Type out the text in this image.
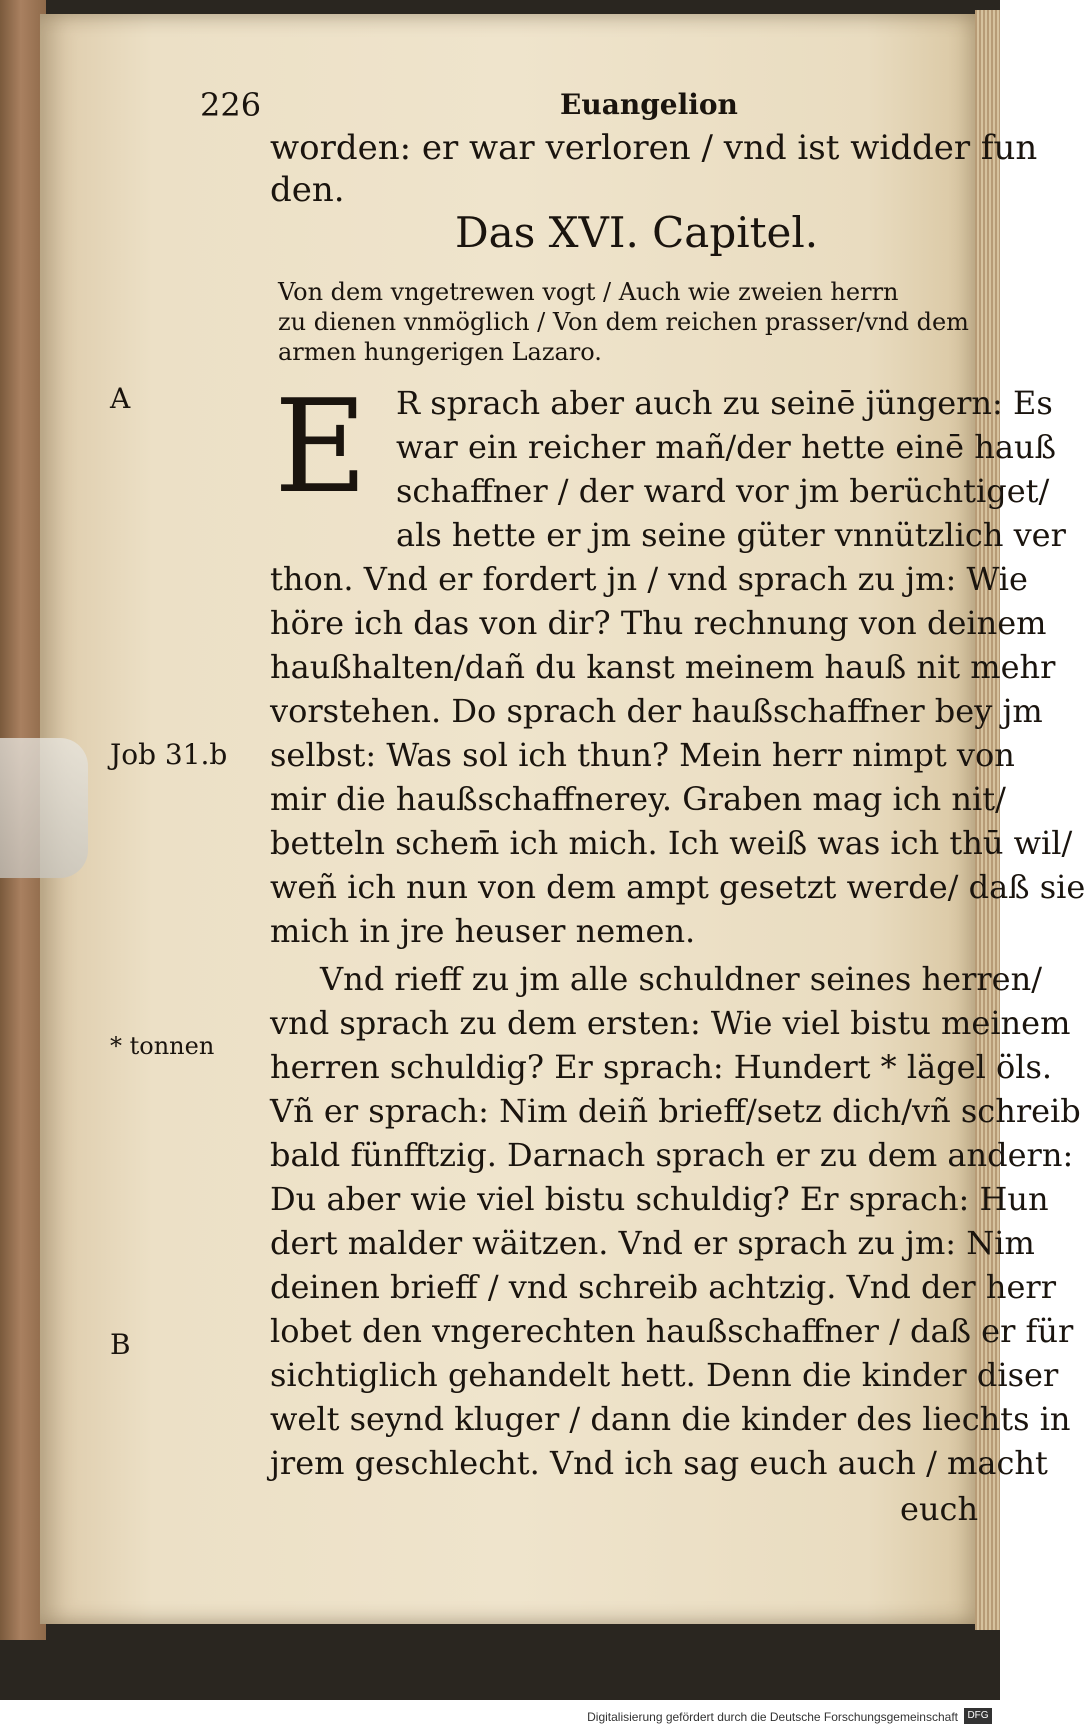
226	Euangelion
worden: er war verloren / vnd ist widder fun
den.
Das XVI. Capitel.
Von dem vngetrewen vogt / Auch wie zweien herrn
zu dienen vnmöglich / Von dem reichen prasser/vnd dem
armen hungerigen Lazaro.
A E R sprach aber auch zu seinē jüngern: Es
war ein reicher mañ/der hette einē hauß
schaffner / der ward vor jm berüchtiget/
als hette er jm seine güter vnnützlich ver
thon. Vnd er fordert jn / vnd sprach zu jm: Wie
höre ich das von dir? Thu rechnung von deinem
haußhalten/dañ du kanst meinem hauß nit mehr
vorstehen. Do sprach der haußschaffner bey jm
Job 31.b selbst: Was sol ich thun? Mein herr nimpt von
mir die haußschaffnerey. Graben mag ich nit/
betteln schem̄ ich mich. Ich weiß was ich thū wil/
weñ ich nun von dem ampt gesetzt werde/ daß sie
mich in jre heuser nemen.
Vnd rieff zu jm alle schuldner seines herren/
vnd sprach zu dem ersten: Wie viel bistu meinem
* tonnen
herren schuldig? Er sprach: Hundert * lägel öls.
Vñ er sprach: Nim deiñ brieff/setz dich/vñ schreib
bald fünfftzig. Darnach sprach er zu dem andern:
Du aber wie viel bistu schuldig? Er sprach: Hun
dert malder wäitzen. Vnd er sprach zu jm: Nim
deinen brieff / vnd schreib achtzig. Vnd der herr
lobet den vngerechten haußschaffner / daß er für
B
sichtiglich gehandelt hett. Denn die kinder diser
welt seynd kluger / dann die kinder des liechts in
jrem geschlecht. Vnd ich sag euch auch / macht
euch
Digitalisierung gefördert durch die Deutsche Forschungsgemeinschaft DFG
